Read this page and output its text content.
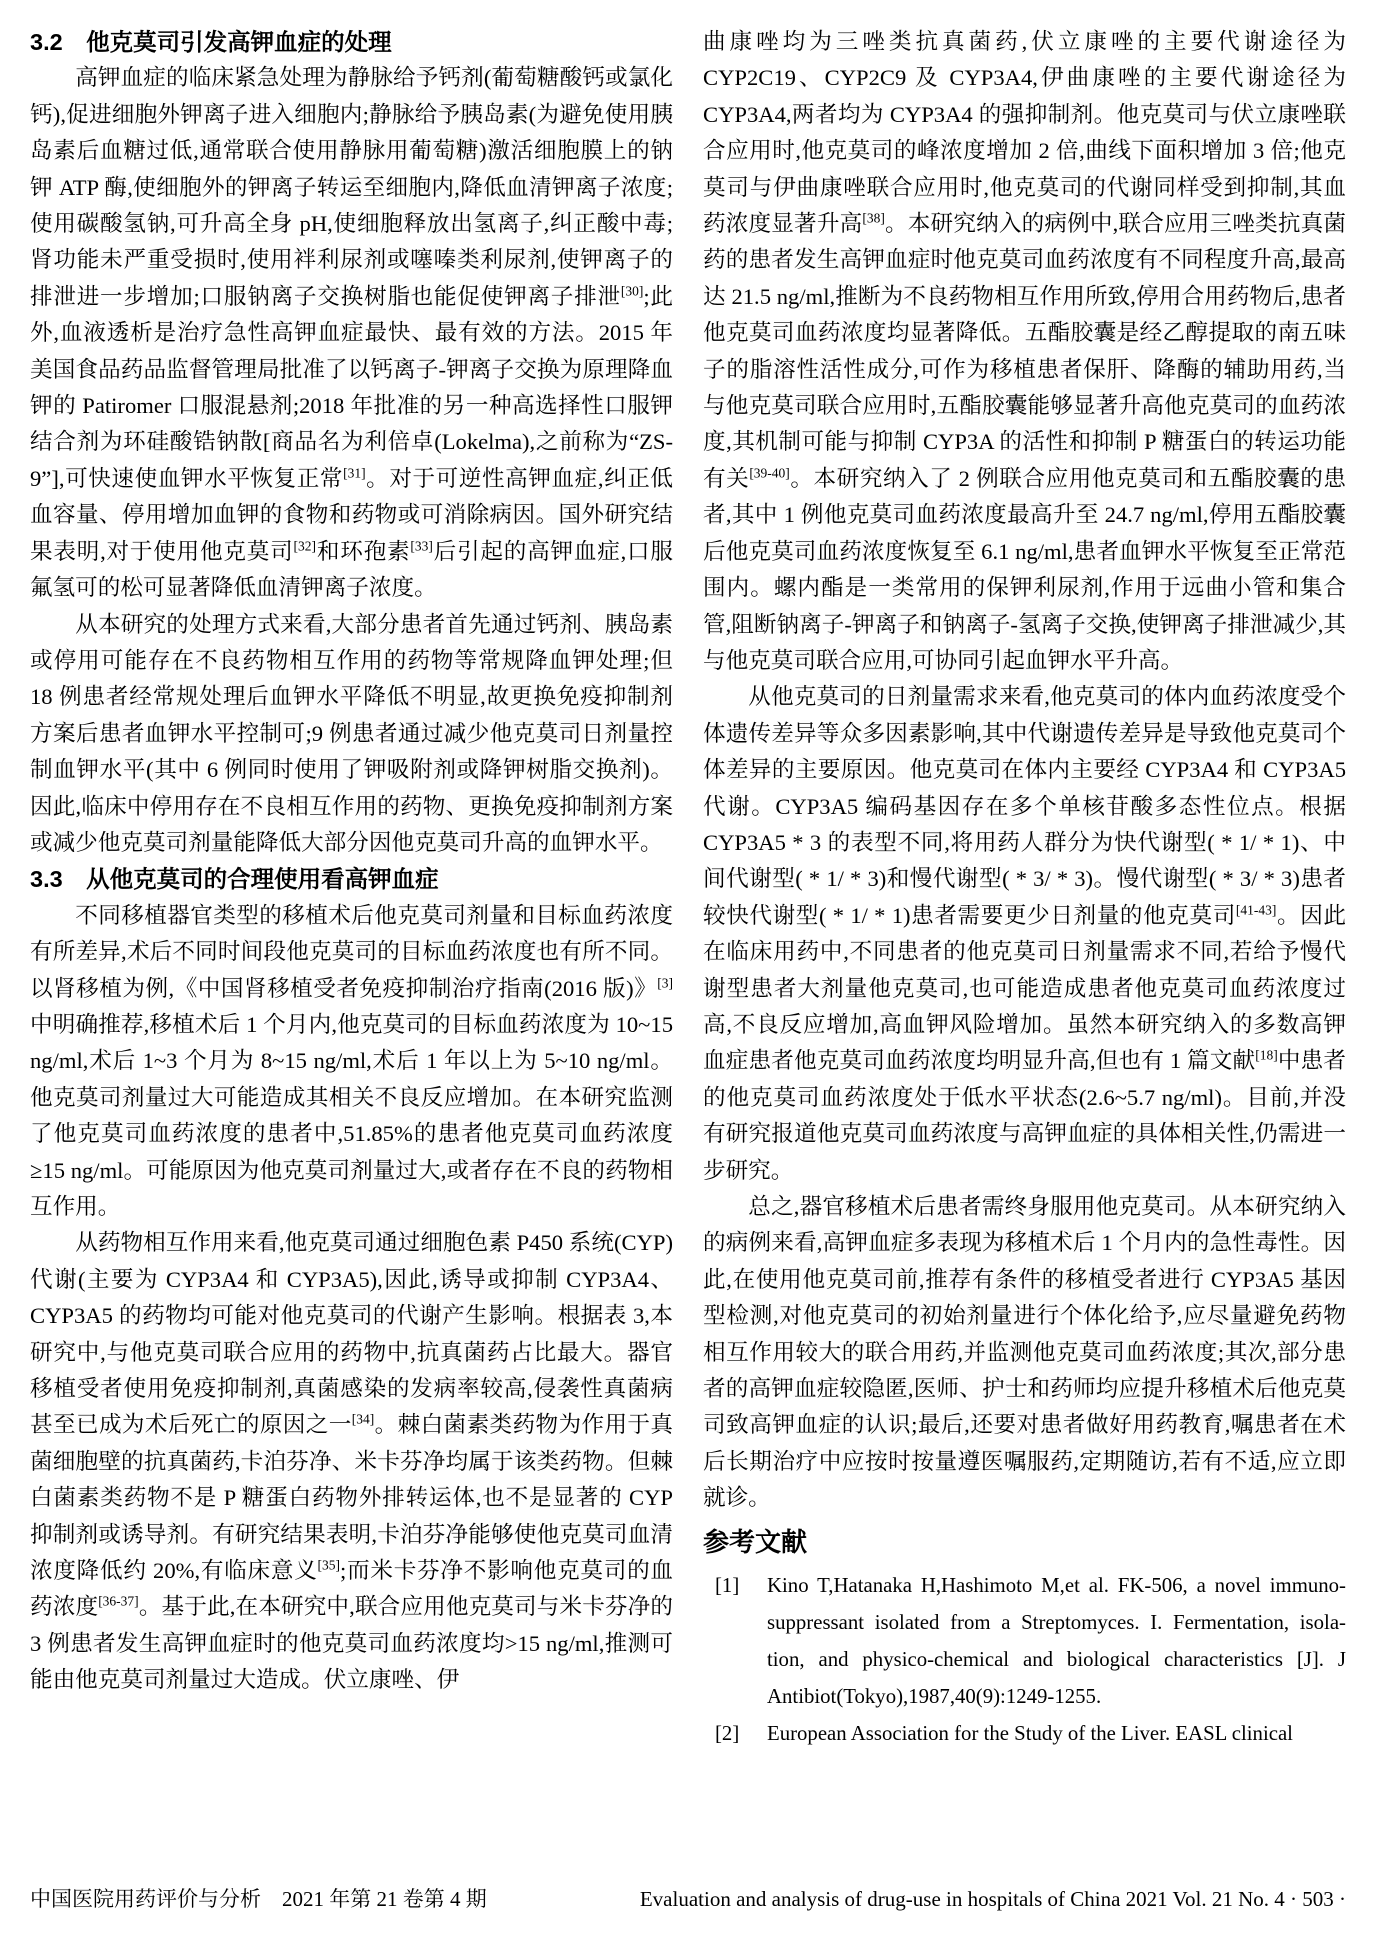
3.2　他克莫司引发高钾血症的处理
高钾血症的临床紧急处理为静脉给予钙剂(葡萄糖酸钙或氯化钙),促进细胞外钾离子进入细胞内;静脉给予胰岛素(为避免使用胰岛素后血糖过低,通常联合使用静脉用葡萄糖)激活细胞膜上的钠钾 ATP 酶,使细胞外的钾离子转运至细胞内,降低血清钾离子浓度;使用碳酸氢钠,可升高全身 pH,使细胞释放出氢离子,纠正酸中毒;肾功能未严重受损时,使用袢利尿剂或噻嗪类利尿剂,使钾离子的排泄进一步增加;口服钠离子交换树脂也能促使钾离子排泄[30];此外,血液透析是治疗急性高钾血症最快、最有效的方法。2015 年美国食品药品监督管理局批准了以钙离子-钾离子交换为原理降血钾的 Patiromer 口服混悬剂;2018 年批准的另一种高选择性口服钾结合剂为环硅酸锆钠散[商品名为利倍卓(Lokelma),之前称为“ZS-9”],可快速使血钾水平恢复正常[31]。对于可逆性高钾血症,纠正低血容量、停用增加血钾的食物和药物或可消除病因。国外研究结果表明,对于使用他克莫司[32]和环孢素[33]后引起的高钾血症,口服氟氢可的松可显著降低血清钾离子浓度。
从本研究的处理方式来看,大部分患者首先通过钙剂、胰岛素或停用可能存在不良药物相互作用的药物等常规降血钾处理;但 18 例患者经常规处理后血钾水平降低不明显,故更换免疫抑制剂方案后患者血钾水平控制可;9 例患者通过减少他克莫司日剂量控制血钾水平(其中 6 例同时使用了钾吸附剂或降钾树脂交换剂)。因此,临床中停用存在不良相互作用的药物、更换免疫抑制剂方案或减少他克莫司剂量能降低大部分因他克莫司升高的血钾水平。
3.3　从他克莫司的合理使用看高钾血症
不同移植器官类型的移植术后他克莫司剂量和目标血药浓度有所差异,术后不同时间段他克莫司的目标血药浓度也有所不同。以肾移植为例,《中国肾移植受者免疫抑制治疗指南(2016 版)》[3]中明确推荐,移植术后 1 个月内,他克莫司的目标血药浓度为 10~15 ng/ml,术后 1~3 个月为 8~15 ng/ml,术后 1 年以上为 5~10 ng/ml。他克莫司剂量过大可能造成其相关不良反应增加。在本研究监测了他克莫司血药浓度的患者中,51.85%的患者他克莫司血药浓度≥15 ng/ml。可能原因为他克莫司剂量过大,或者存在不良的药物相互作用。
从药物相互作用来看,他克莫司通过细胞色素 P450 系统(CYP)代谢(主要为 CYP3A4 和 CYP3A5),因此,诱导或抑制 CYP3A4、CYP3A5 的药物均可能对他克莫司的代谢产生影响。根据表 3,本研究中,与他克莫司联合应用的药物中,抗真菌药占比最大。器官移植受者使用免疫抑制剂,真菌感染的发病率较高,侵袭性真菌病甚至已成为术后死亡的原因之一[34]。棘白菌素类药物为作用于真菌细胞壁的抗真菌药,卡泊芬净、米卡芬净均属于该类药物。但棘白菌素类药物不是 P 糖蛋白药物外排转运体,也不是显著的 CYP 抑制剂或诱导剂。有研究结果表明,卡泊芬净能够使他克莫司血清浓度降低约 20%,有临床意义[35];而米卡芬净不影响他克莫司的血药浓度[36-37]。基于此,在本研究中,联合应用他克莫司与米卡芬净的 3 例患者发生高钾血症时的他克莫司血药浓度均>15 ng/ml,推测可能由他克莫司剂量过大造成。伏立康唑、伊
曲康唑均为三唑类抗真菌药,伏立康唑的主要代谢途径为 CYP2C19、CYP2C9 及 CYP3A4,伊曲康唑的主要代谢途径为 CYP3A4,两者均为 CYP3A4 的强抑制剂。他克莫司与伏立康唑联合应用时,他克莫司的峰浓度增加 2 倍,曲线下面积增加 3 倍;他克莫司与伊曲康唑联合应用时,他克莫司的代谢同样受到抑制,其血药浓度显著升高[38]。本研究纳入的病例中,联合应用三唑类抗真菌药的患者发生高钾血症时他克莫司血药浓度有不同程度升高,最高达 21.5 ng/ml,推断为不良药物相互作用所致,停用合用药物后,患者他克莫司血药浓度均显著降低。五酯胶囊是经乙醇提取的南五味子的脂溶性活性成分,可作为移植患者保肝、降酶的辅助用药,当与他克莫司联合应用时,五酯胶囊能够显著升高他克莫司的血药浓度,其机制可能与抑制 CYP3A 的活性和抑制 P 糖蛋白的转运功能有关[39-40]。本研究纳入了 2 例联合应用他克莫司和五酯胶囊的患者,其中 1 例他克莫司血药浓度最高升至 24.7 ng/ml,停用五酯胶囊后他克莫司血药浓度恢复至 6.1 ng/ml,患者血钾水平恢复至正常范围内。螺内酯是一类常用的保钾利尿剂,作用于远曲小管和集合管,阻断钠离子-钾离子和钠离子-氢离子交换,使钾离子排泄减少,其与他克莫司联合应用,可协同引起血钾水平升高。
从他克莫司的日剂量需求来看,他克莫司的体内血药浓度受个体遗传差异等众多因素影响,其中代谢遗传差异是导致他克莫司个体差异的主要原因。他克莫司在体内主要经 CYP3A4 和 CYP3A5 代谢。CYP3A5 编码基因存在多个单核苷酸多态性位点。根据 CYP3A5 * 3 的表型不同,将用药人群分为快代谢型( * 1/ * 1)、中间代谢型( * 1/ * 3)和慢代谢型( * 3/ * 3)。慢代谢型( * 3/ * 3)患者较快代谢型( * 1/ * 1)患者需要更少日剂量的他克莫司[41-43]。因此在临床用药中,不同患者的他克莫司日剂量需求不同,若给予慢代谢型患者大剂量他克莫司,也可能造成患者他克莫司血药浓度过高,不良反应增加,高血钾风险增加。虽然本研究纳入的多数高钾血症患者他克莫司血药浓度均明显升高,但也有 1 篇文献[18]中患者的他克莫司血药浓度处于低水平状态(2.6~5.7 ng/ml)。目前,并没有研究报道他克莫司血药浓度与高钾血症的具体相关性,仍需进一步研究。
总之,器官移植术后患者需终身服用他克莫司。从本研究纳入的病例来看,高钾血症多表现为移植术后 1 个月内的急性毒性。因此,在使用他克莫司前,推荐有条件的移植受者进行 CYP3A5 基因型检测,对他克莫司的初始剂量进行个体化给予,应尽量避免药物相互作用较大的联合用药,并监测他克莫司血药浓度;其次,部分患者的高钾血症较隐匿,医师、护士和药师均应提升移植术后他克莫司致高钾血症的认识;最后,还要对患者做好用药教育,嘱患者在术后长期治疗中应按时按量遵医嘱服药,定期随访,若有不适,应立即就诊。
参考文献
[1] Kino T,Hatanaka H,Hashimoto M,et al. FK-506, a novel immuno-
suppressant isolated from a Streptomyces. I. Fermentation, isola-
tion, and physico-chemical and biological characteristics [J]. J
Antibiot(Tokyo),1987,40(9):1249-1255.
[2] European Association for the Study of the Liver. EASL clinical
中国医院用药评价与分析　2021 年第 21 卷第 4 期	Evaluation and analysis of drug-use in hospitals of China 2021 Vol. 21 No. 4 · 503 ·
